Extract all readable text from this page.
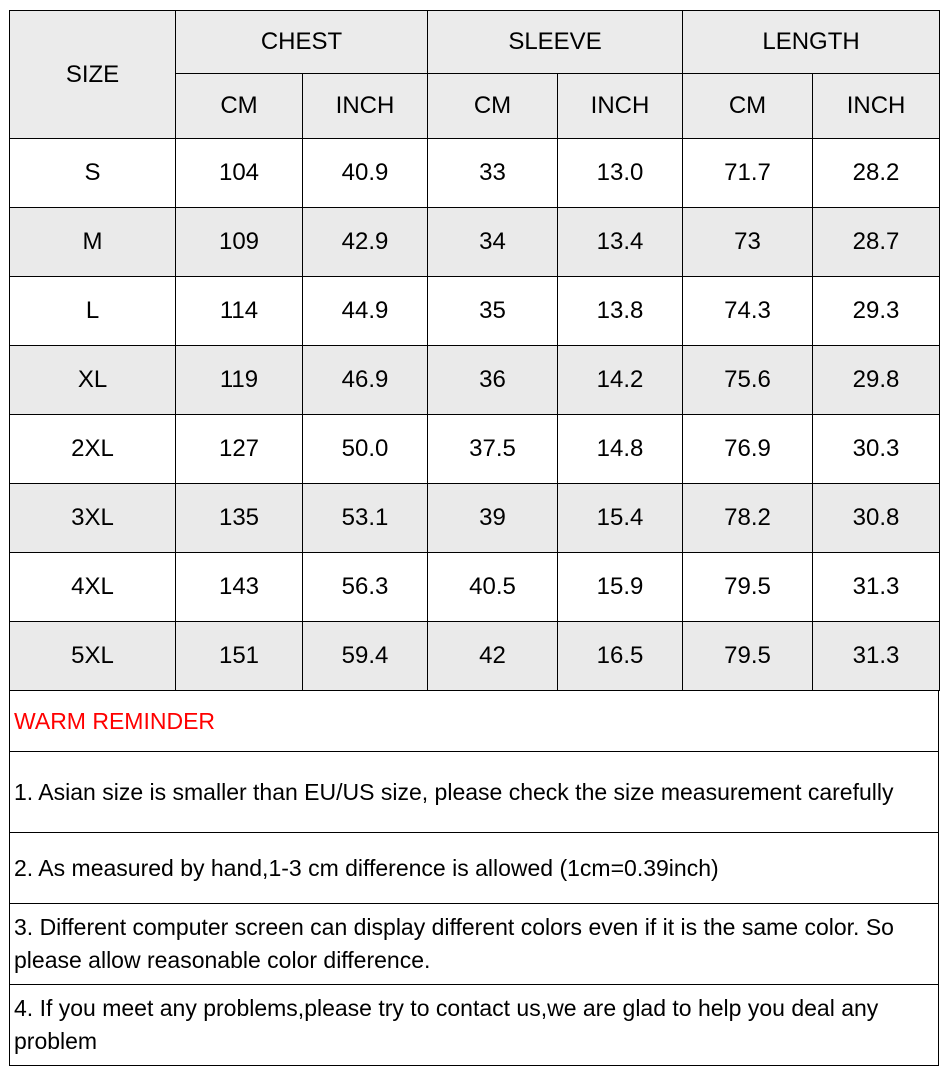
SIZE	CHEST		SLEEVE		LENGTH	
	CM	INCH	CM	INCH	CM	INCH
S	104	40.9	33	13.0	71.7	28.2
M	109	42.9	34	13.4	73	28.7
L	114	44.9	35	13.8	74.3	29.3
XL	119	46.9	36	14.2	75.6	29.8
2XL	127	50.0	37.5	14.8	76.9	30.3
3XL	135	53.1	39	15.4	78.2	30.8
4XL	143	56.3	40.5	15.9	79.5	31.3
5XL	151	59.4	42	16.5	79.5	31.3
WARM REMINDER
1. Asian size is smaller than EU/US size, please check the size measurement carefully
2. As measured by hand,1-3 cm difference is allowed (1cm=0.39inch)
3. Different computer screen can display different colors even if it is the same color. So please allow reasonable color difference.
4. If you meet any problems,please try to contact us,we are glad to help you deal any problem
